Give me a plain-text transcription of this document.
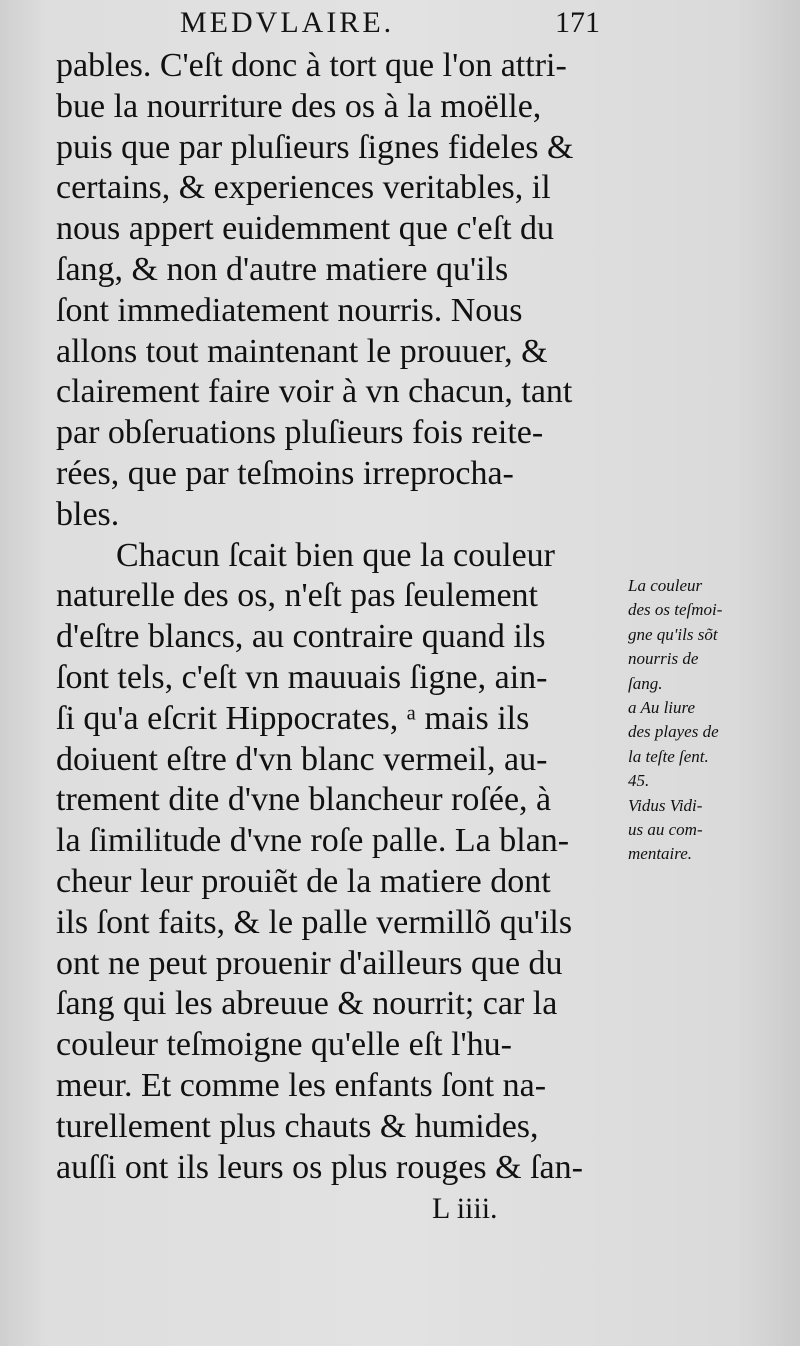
MEDVLAIRE.	171
pables. C'eſt donc à tort que l'on attri-
bue la nourriture des os à la moëlle,
puis que par pluſieurs ſignes fideles &
certains, & experiences veritables, il
nous appert euidemment que c'eſt du
ſang, & non d'autre matiere qu'ils
ſont immediatement nourris. Nous
allons tout maintenant le prouuer, &
clairement faire voir à vn chacun, tant
par obſeruations pluſieurs fois reite-
rées, que par teſmoins irreprocha-
bles.
Chacun ſcait bien que la couleur
naturelle des os, n'eſt pas ſeulement
d'eſtre blancs, au contraire quand ils
ſont tels, c'eſt vn mauuais ſigne, ain-
ſi qu'a eſcrit Hippocrates, ᵃ mais ils
doiuent eſtre d'vn blanc vermeil, au-
trement dite d'vne blancheur roſée, à
la ſimilitude d'vne roſe palle. La blan-
cheur leur prouiẽt de la matiere dont
ils ſont faits, & le palle vermillõ qu'ils
ont ne peut prouenir d'ailleurs que du
ſang qui les abreuue & nourrit; car la
couleur teſmoigne qu'elle eſt l'hu-
meur. Et comme les enfants ſont na-
turellement plus chauts & humides,
auſſi ont ils leurs os plus rouges & ſan-
L iiii.
La couleur
des os teſmoi-
gne qu'ils sõt
nourris de
ſang.
a Au liure
des playes de
la teſte ſent.
45.
Vidus Vidi-
us au com-
mentaire.
